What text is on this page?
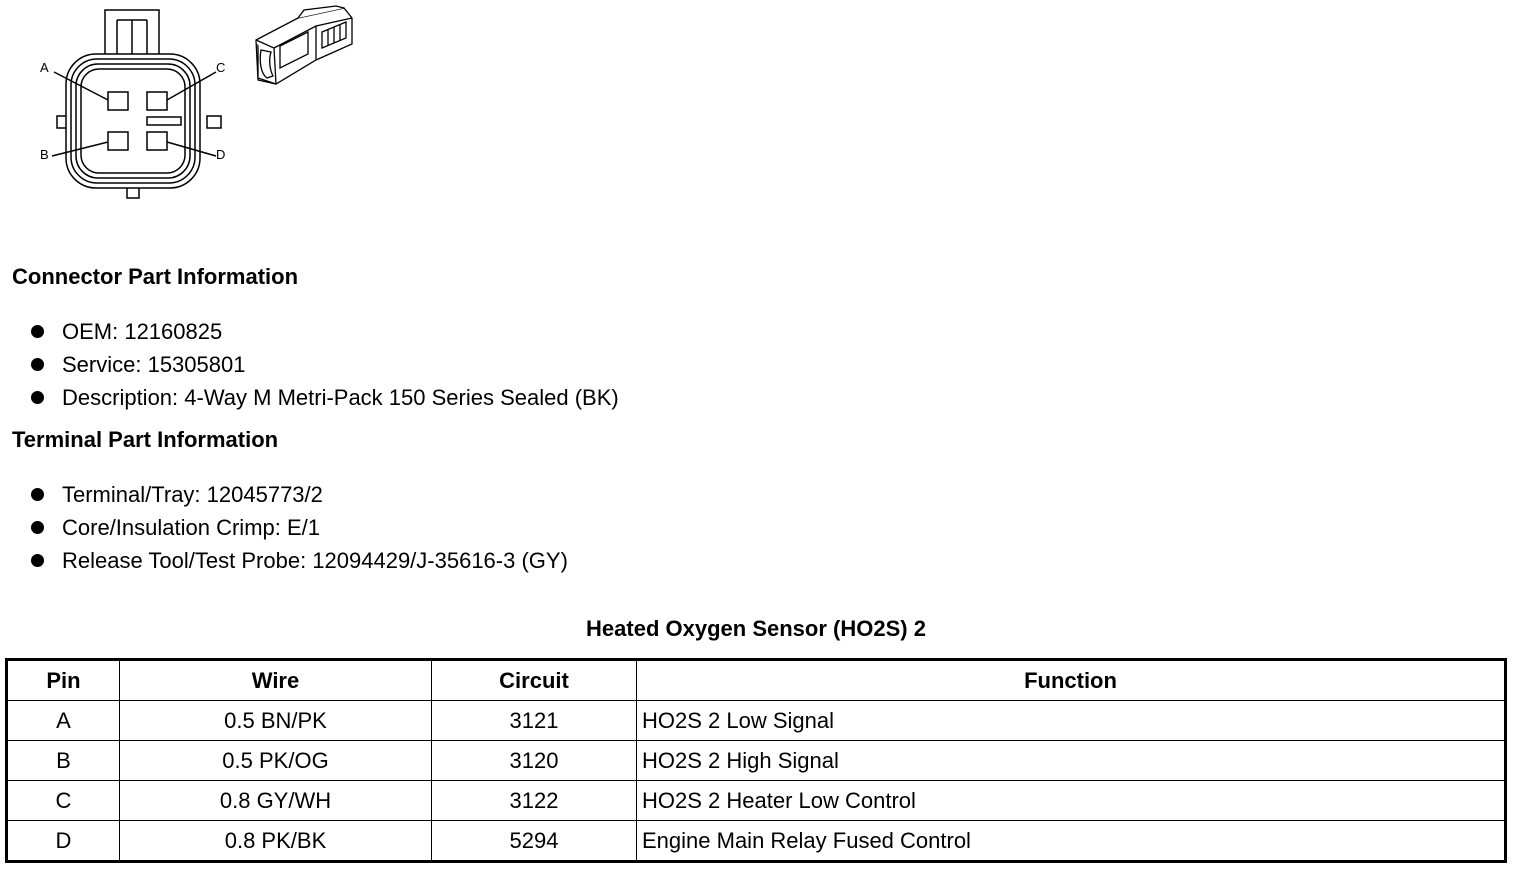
A	C
B	D
Connector Part Information
OEM: 12160825
Service: 15305801
Description: 4-Way M Metri-Pack 150 Series Sealed (BK)
Terminal Part Information
Terminal/Tray: 12045773/2
Core/Insulation Crimp: E/1
Release Tool/Test Probe: 12094429/J-35616-3 (GY)
Heated Oxygen Sensor (HO2S) 2
Pin	Wire	Circuit	Function
A	0.5 BN/PK	3121	HO2S 2 Low Signal
B	0.5 PK/OG	3120	HO2S 2 High Signal
C	0.8 GY/WH	3122	HO2S 2 Heater Low Control
D	0.8 PK/BK	5294	Engine Main Relay Fused Control
